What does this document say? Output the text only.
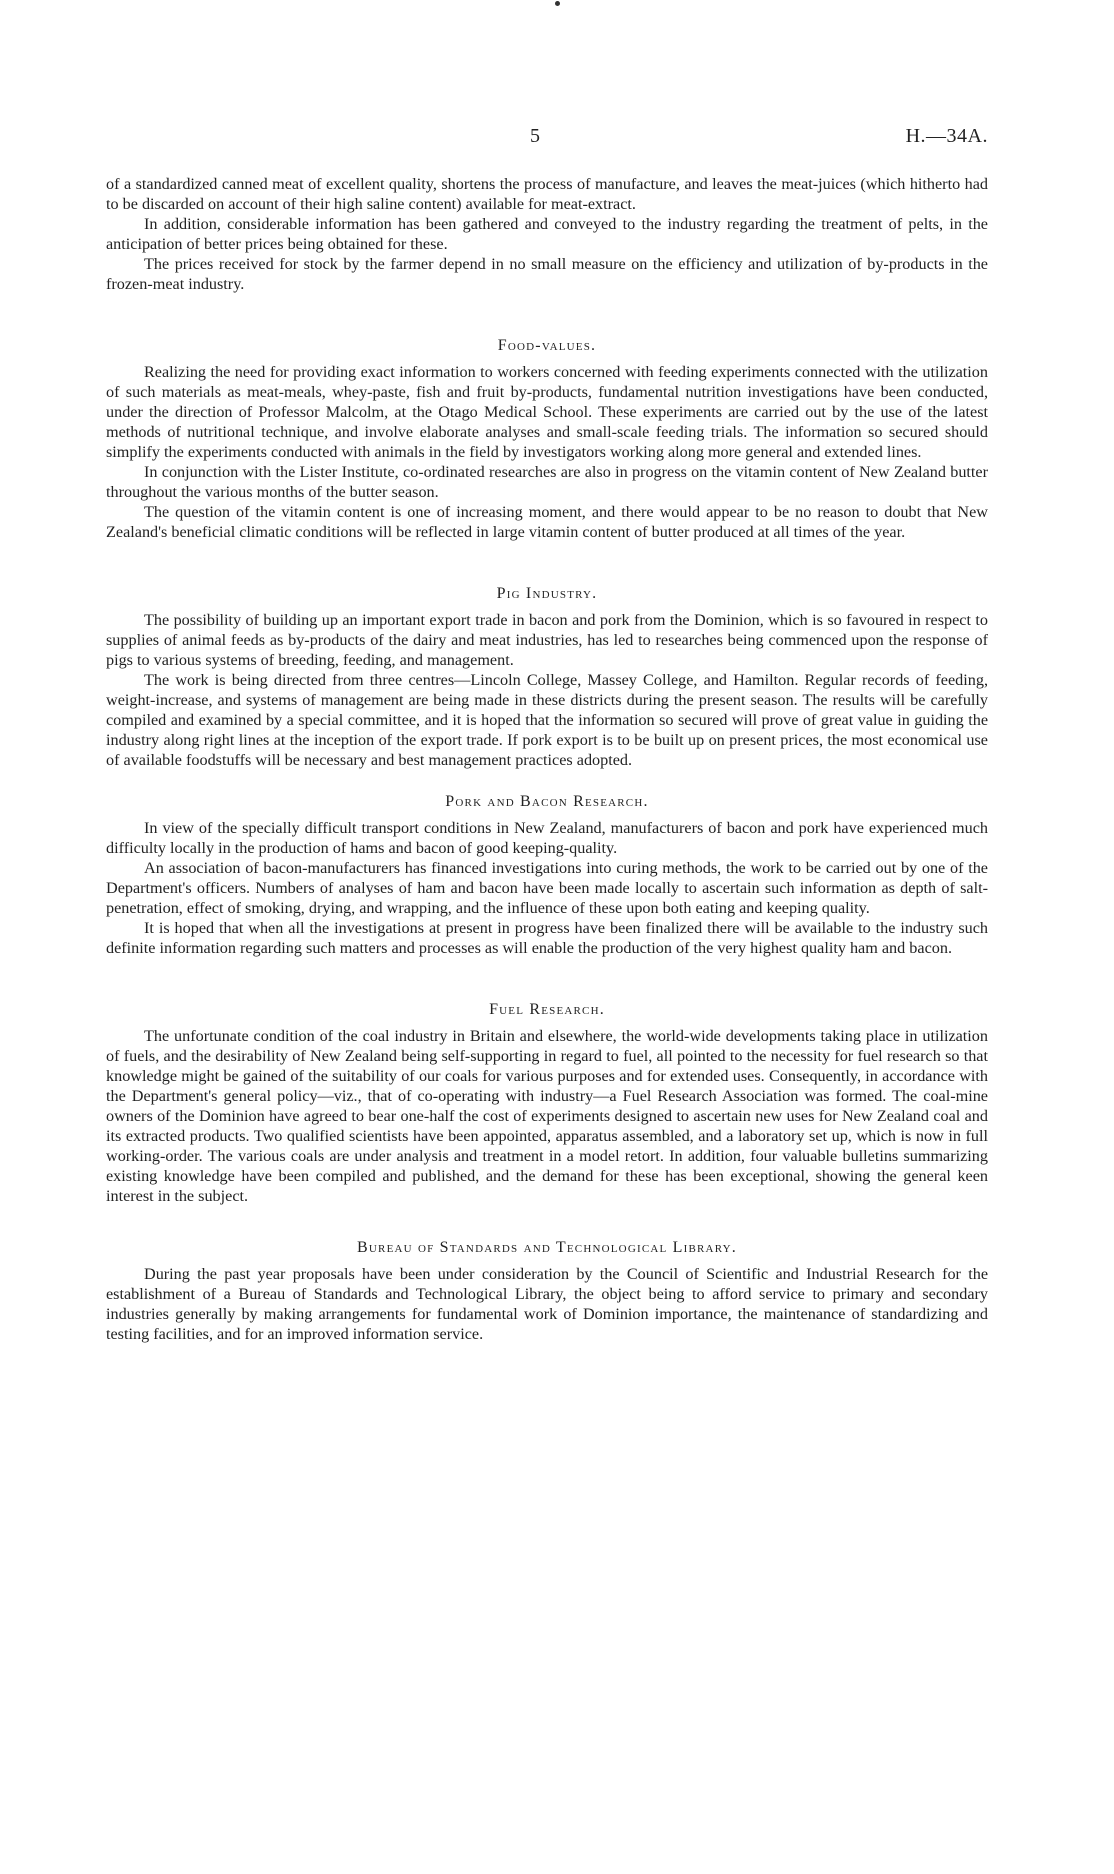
5	H.—34A.

of a standardized canned meat of excellent quality, shortens the process of manufacture, and leaves the meat-juices (which hitherto had to be discarded on account of their high saline content) available for meat-extract.

In addition, considerable information has been gathered and conveyed to the industry regarding the treatment of pelts, in the anticipation of better prices being obtained for these.

The prices received for stock by the farmer depend in no small measure on the efficiency and utilization of by-products in the frozen-meat industry.

Food-values.

Realizing the need for providing exact information to workers concerned with feeding experiments connected with the utilization of such materials as meat-meals, whey-paste, fish and fruit by-products, fundamental nutrition investigations have been conducted, under the direction of Professor Malcolm, at the Otago Medical School. These experiments are carried out by the use of the latest methods of nutritional technique, and involve elaborate analyses and small-scale feeding trials. The information so secured should simplify the experiments conducted with animals in the field by investigators working along more general and extended lines.

In conjunction with the Lister Institute, co-ordinated researches are also in progress on the vitamin content of New Zealand butter throughout the various months of the butter season.

The question of the vitamin content is one of increasing moment, and there would appear to be no reason to doubt that New Zealand's beneficial climatic conditions will be reflected in large vitamin content of butter produced at all times of the year.

Pig Industry.

The possibility of building up an important export trade in bacon and pork from the Dominion, which is so favoured in respect to supplies of animal feeds as by-products of the dairy and meat industries, has led to researches being commenced upon the response of pigs to various systems of breeding, feeding, and management.

The work is being directed from three centres—Lincoln College, Massey College, and Hamilton. Regular records of feeding, weight-increase, and systems of management are being made in these districts during the present season. The results will be carefully compiled and examined by a special committee, and it is hoped that the information so secured will prove of great value in guiding the industry along right lines at the inception of the export trade. If pork export is to be built up on present prices, the most economical use of available foodstuffs will be necessary and best management practices adopted.

Pork and Bacon Research.

In view of the specially difficult transport conditions in New Zealand, manufacturers of bacon and pork have experienced much difficulty locally in the production of hams and bacon of good keeping-quality.

An association of bacon-manufacturers has financed investigations into curing methods, the work to be carried out by one of the Department's officers. Numbers of analyses of ham and bacon have been made locally to ascertain such information as depth of salt-penetration, effect of smoking, drying, and wrapping, and the influence of these upon both eating and keeping quality.

It is hoped that when all the investigations at present in progress have been finalized there will be available to the industry such definite information regarding such matters and processes as will enable the production of the very highest quality ham and bacon.

Fuel Research.

The unfortunate condition of the coal industry in Britain and elsewhere, the world-wide developments taking place in utilization of fuels, and the desirability of New Zealand being self-supporting in regard to fuel, all pointed to the necessity for fuel research so that knowledge might be gained of the suitability of our coals for various purposes and for extended uses. Consequently, in accordance with the Department's general policy—viz., that of co-operating with industry—a Fuel Research Association was formed. The coal-mine owners of the Dominion have agreed to bear one-half the cost of experiments designed to ascertain new uses for New Zealand coal and its extracted products. Two qualified scientists have been appointed, apparatus assembled, and a laboratory set up, which is now in full working-order. The various coals are under analysis and treatment in a model retort. In addition, four valuable bulletins summarizing existing knowledge have been compiled and published, and the demand for these has been exceptional, showing the general keen interest in the subject.

Bureau of Standards and Technological Library.

During the past year proposals have been under consideration by the Council of Scientific and Industrial Research for the establishment of a Bureau of Standards and Technological Library, the object being to afford service to primary and secondary industries generally by making arrangements for fundamental work of Dominion importance, the maintenance of standardizing and testing facilities, and for an improved information service.
